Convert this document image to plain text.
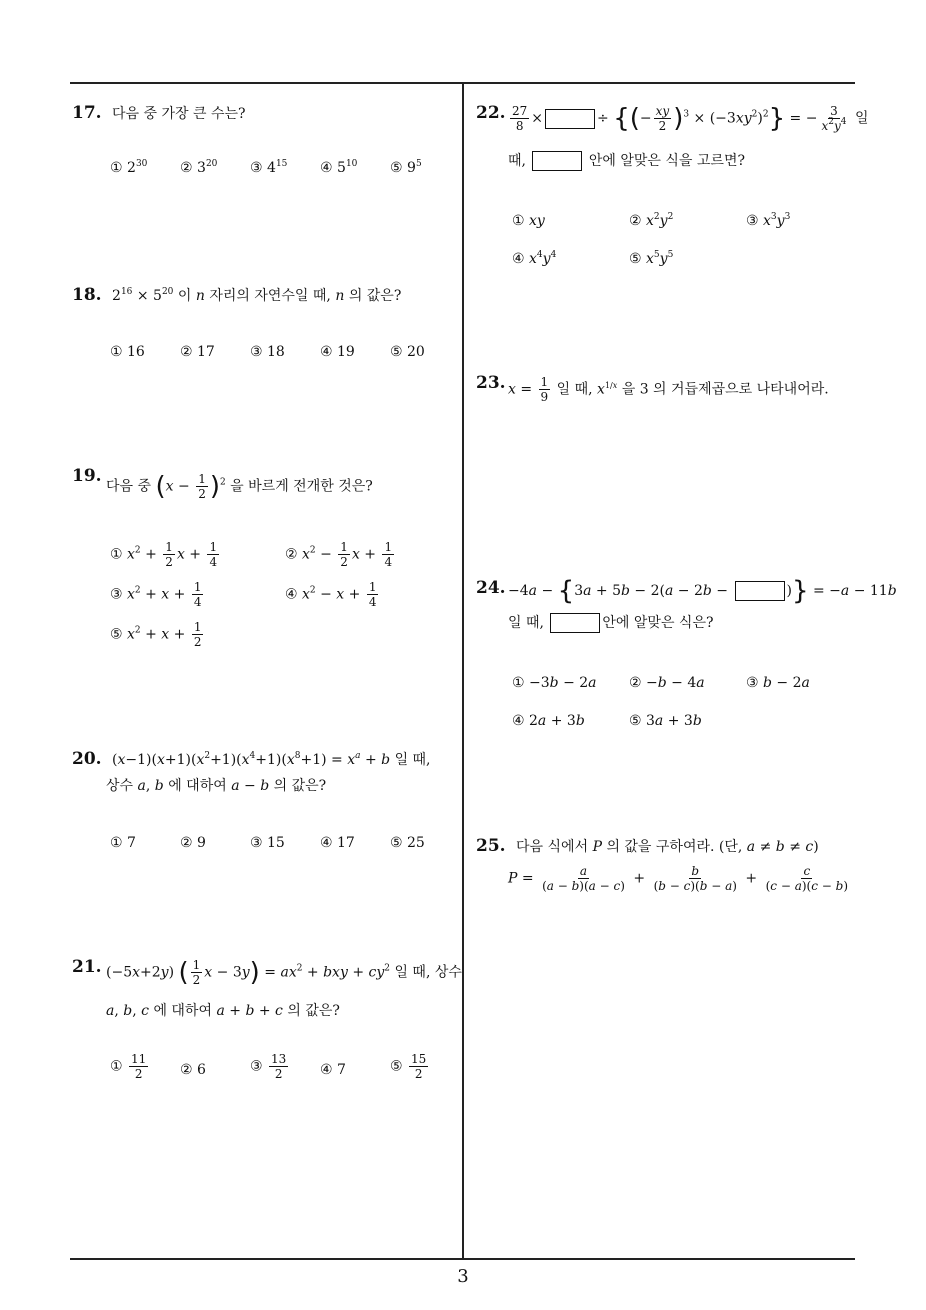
17. 다음 중 가장 큰 수는?
① $2^{30}$ ② $3^{20}$ ③ $4^{15}$ ④ $5^{10}$ ⑤ $9^5$
18. $2^{16} \times 5^{20}$ 이 n 자리의 자연수일 때, n 의 값은?
① 16	② 17	③ 18	④ 19	⑤ 20
19.
다음 중 $(x - \frac{1}{2} )^2$ 을 바르게 전개한 것은?
① $x^2 + \frac{1}{2}$ $x + \frac{1}{4}$	② $x^2 - \frac{1}{2}$ $x + \frac{1}{4}$
③ $x^2 + x + \frac{1}{4}$	④ $x^2 - x + \frac{1}{4}$
⑤ $x^2 + x + \frac{1}{2}$
20. $(x-1)(x+1)(x^2+1)(x^4+1)(x^8+1) = x^a + b$ 일 때,
상수 a, b 에 대하여 a − b 의 값은?
① 7	② 9	③ 15	④ 17	⑤ 25
21. (−5x+2y) ( $\frac{1}{2}$ $x - 3y) = ax^2$ + bxy + $cy^2$ 일 때, 상수
a, b, c 에 대하여 a + b + c 의 값은?
① $\frac{11}{2}$ ② 6	③ $\frac{13}{2}$ ④ 7	⑤ $\frac{15}{2}$
22. $\frac{27}{8}$ ×	÷ {(− $\frac{xy}{2} )^3 \times (-3xy^2)^2$} = − $\frac{3}{x^2y^4}$ 일
때,	안에 알맞은 식을 고르면?
① xy	② $x^2y^2$	③ $x^3y^3$
④ $x^4y^4$	⑤ $x^5y^5$
23. $x = \frac{1}{9}$ 일 때, $x^{1/x}$ 을 3 의 거듭제곱으로 나타내어라.
24. −4a − {3a + 5b − 2(a − 2b −	)} = −a − 11b
일 때,	안에 알맞은 식은?
① −3b − 2a ② −b − 4a	③ b − 2a
④ 2a + 3b	⑤ 3a + 3b
25. 다음 식에서 P 의 값을 구하여라. (단, a ≠ b ≠ c)
$P = \frac{a}{(a - b)(a - c)} + \frac{b}{(b - c)(b - a)} + \frac{c}{(c - a)(c - b)}$
3
